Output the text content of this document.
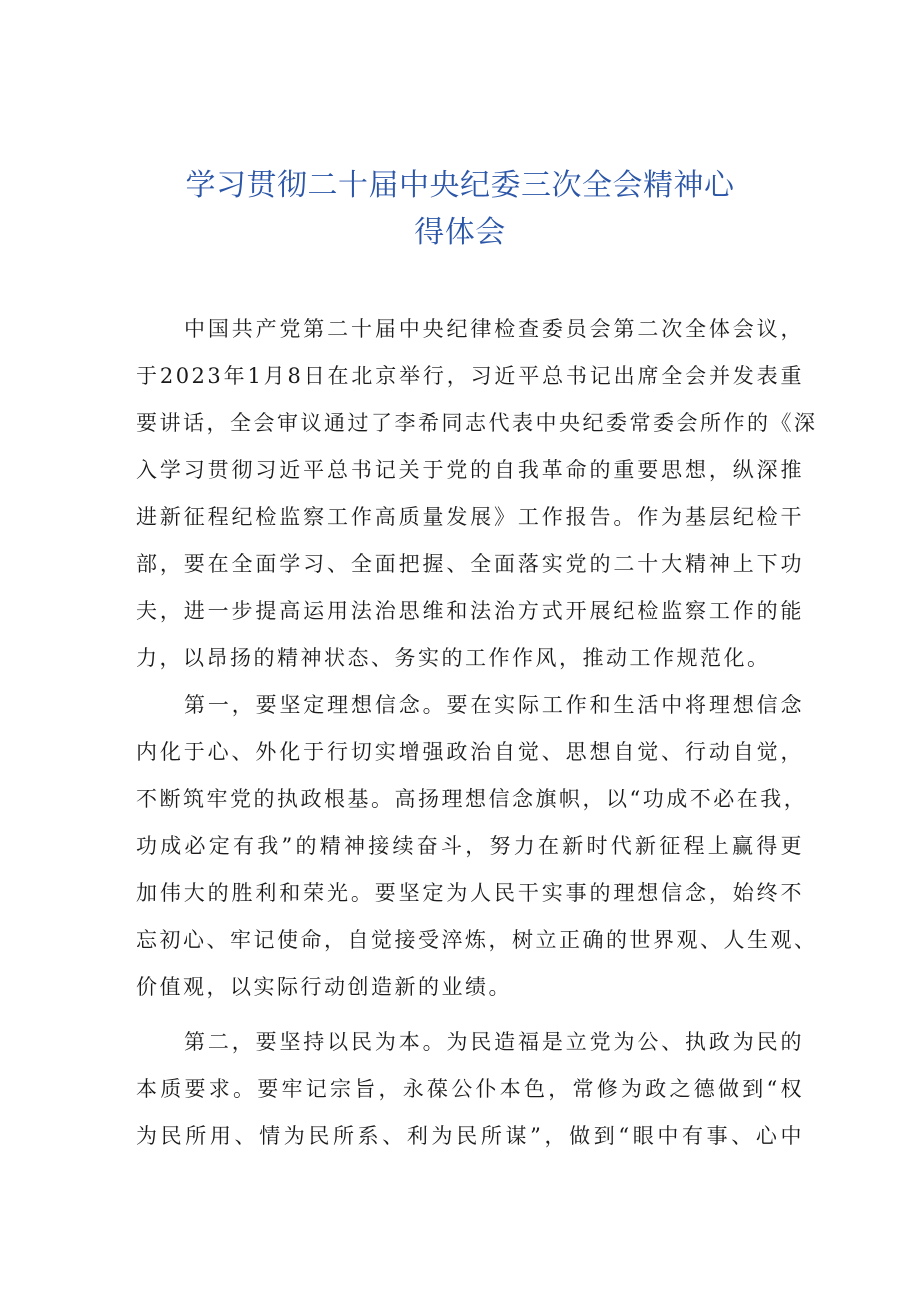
学习贯彻二十届中央纪委三次全会精神心
得体会
中国共产党第二十届中央纪律检查委员会第二次全体会议，
于2023年1月8日在北京举行，习近平总书记出席全会并发表重
要讲话，全会审议通过了李希同志代表中央纪委常委会所作的《深
入学习贯彻习近平总书记关于党的自我革命的重要思想，纵深推
进新征程纪检监察工作高质量发展》工作报告。作为基层纪检干
部，要在全面学习、全面把握、全面落实党的二十大精神上下功
夫，进一步提高运用法治思维和法治方式开展纪检监察工作的能
力，以昂扬的精神状态、务实的工作作风，推动工作规范化。
第一，要坚定理想信念。要在实际工作和生活中将理想信念
内化于心、外化于行切实增强政治自觉、思想自觉、行动自觉，
不断筑牢党的执政根基。高扬理想信念旗帜，以“功成不必在我，
功成必定有我”的精神接续奋斗，努力在新时代新征程上赢得更
加伟大的胜利和荣光。要坚定为人民干实事的理想信念，始终不
忘初心、牢记使命，自觉接受淬炼，树立正确的世界观、人生观、
价值观，以实际行动创造新的业绩。
第二，要坚持以民为本。为民造福是立党为公、执政为民的
本质要求。要牢记宗旨，永葆公仆本色，常修为政之德做到“权
为民所用、情为民所系、利为民所谋”，做到“眼中有事、心中
